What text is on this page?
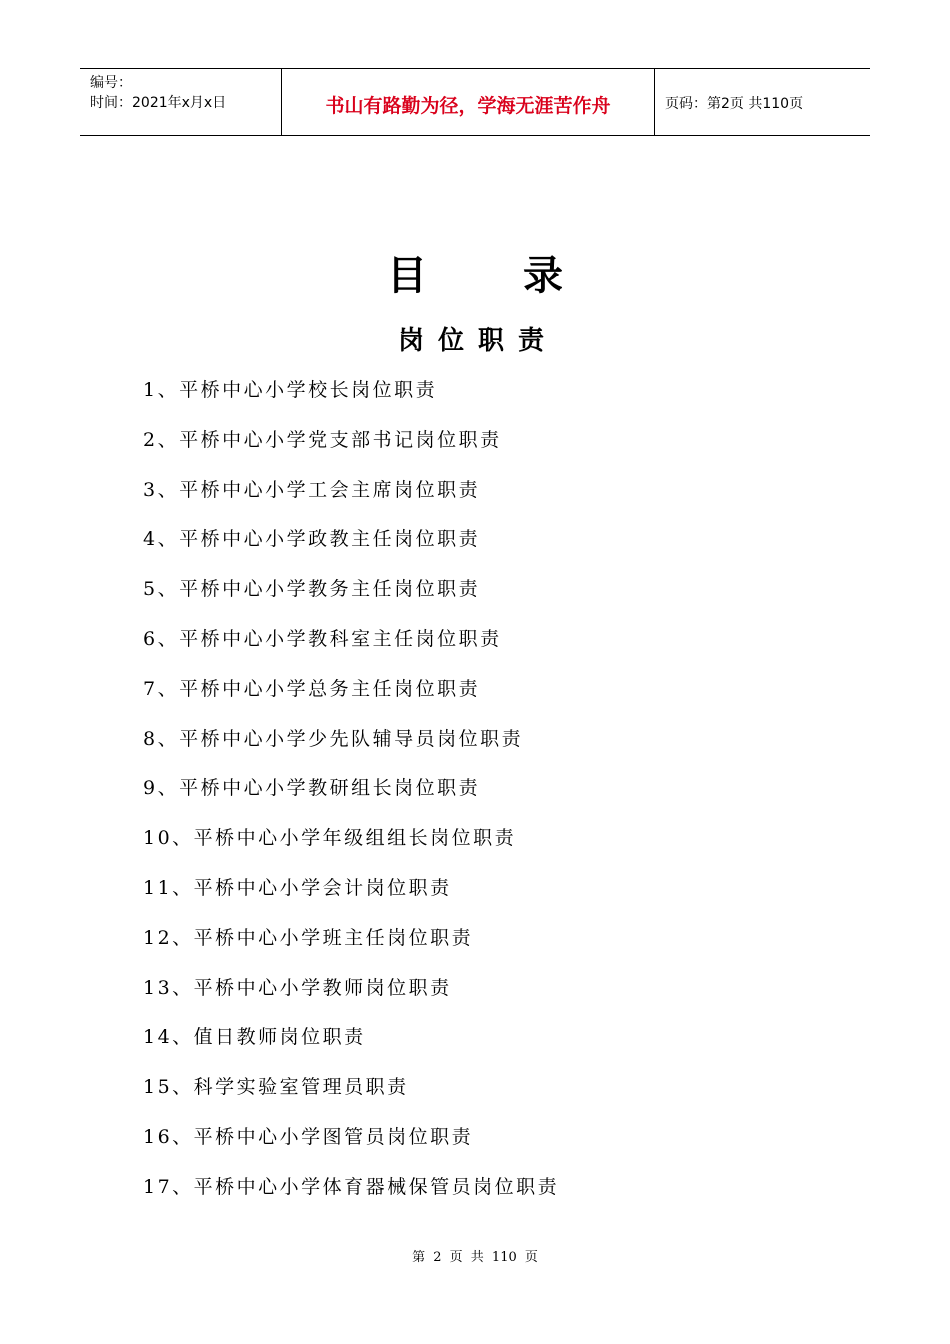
编号：
时间：2021年x月x日	书山有路勤为径，学海无涯苦作舟	页码：第2页 共110页
目 录
岗位职责
1、平桥中心小学校长岗位职责
2、平桥中心小学党支部书记岗位职责
3、平桥中心小学工会主席岗位职责
4、平桥中心小学政教主任岗位职责
5、平桥中心小学教务主任岗位职责
6、平桥中心小学教科室主任岗位职责
7、平桥中心小学总务主任岗位职责
8、平桥中心小学少先队辅导员岗位职责
9、平桥中心小学教研组长岗位职责
10、平桥中心小学年级组组长岗位职责
11、平桥中心小学会计岗位职责
12、平桥中心小学班主任岗位职责
13、平桥中心小学教师岗位职责
14、值日教师岗位职责
15、科学实验室管理员职责
16、平桥中心小学图管员岗位职责
17、平桥中心小学体育器械保管员岗位职责
第 2 页 共 110 页
